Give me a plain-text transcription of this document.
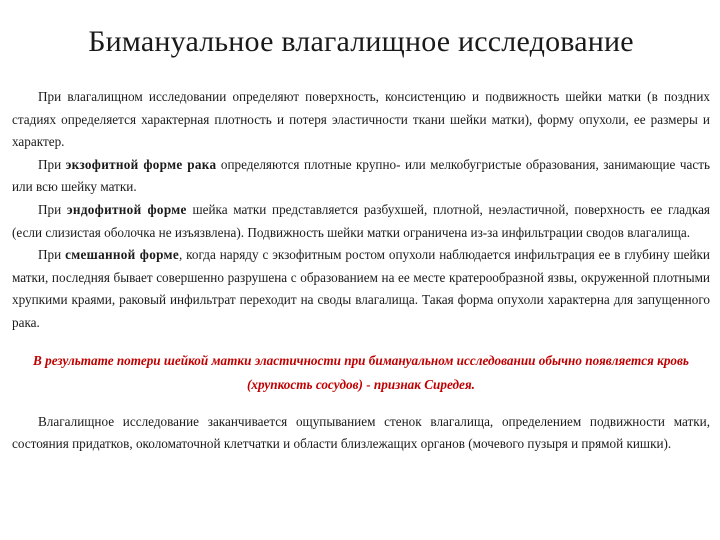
Бимануальное влагалищное исследование

При влагалищном исследовании определяют поверхность, консистенцию и подвижность шейки матки (в поздних стадиях определяется характерная плотность и потеря эластичности ткани шейки матки), форму опухоли, ее размеры и характер.

При экзофитной форме рака определяются плотные крупно- или мелкобугристые образования, занимающие часть или всю шейку матки.

При эндофитной форме шейка матки представляется разбухшей, плотной, неэластичной, поверхность ее гладкая (если слизистая оболочка не изъязвлена). Подвижность шейки матки ограничена из-за инфильтрации сводов влагалища.

При смешанной форме, когда наряду с экзофитным ростом опухоли наблюдается инфильтрация ее в глубину шейки матки, последняя бывает совершенно разрушена с образованием на ее месте кратерообразной язвы, окруженной плотными хрупкими краями, раковый инфильтрат переходит на своды влагалища. Такая форма опухоли характерна для запущенного рака.

В результате потери шейкой матки эластичности при бимануальном исследовании обычно появляется кровь (хрупкость сосудов) - признак Сиредея.

Влагалищное исследование заканчивается ощупыванием стенок влагалища, определением подвижности матки, состояния придатков, околоматочной клетчатки и области близлежащих органов (мочевого пузыря и прямой кишки).
